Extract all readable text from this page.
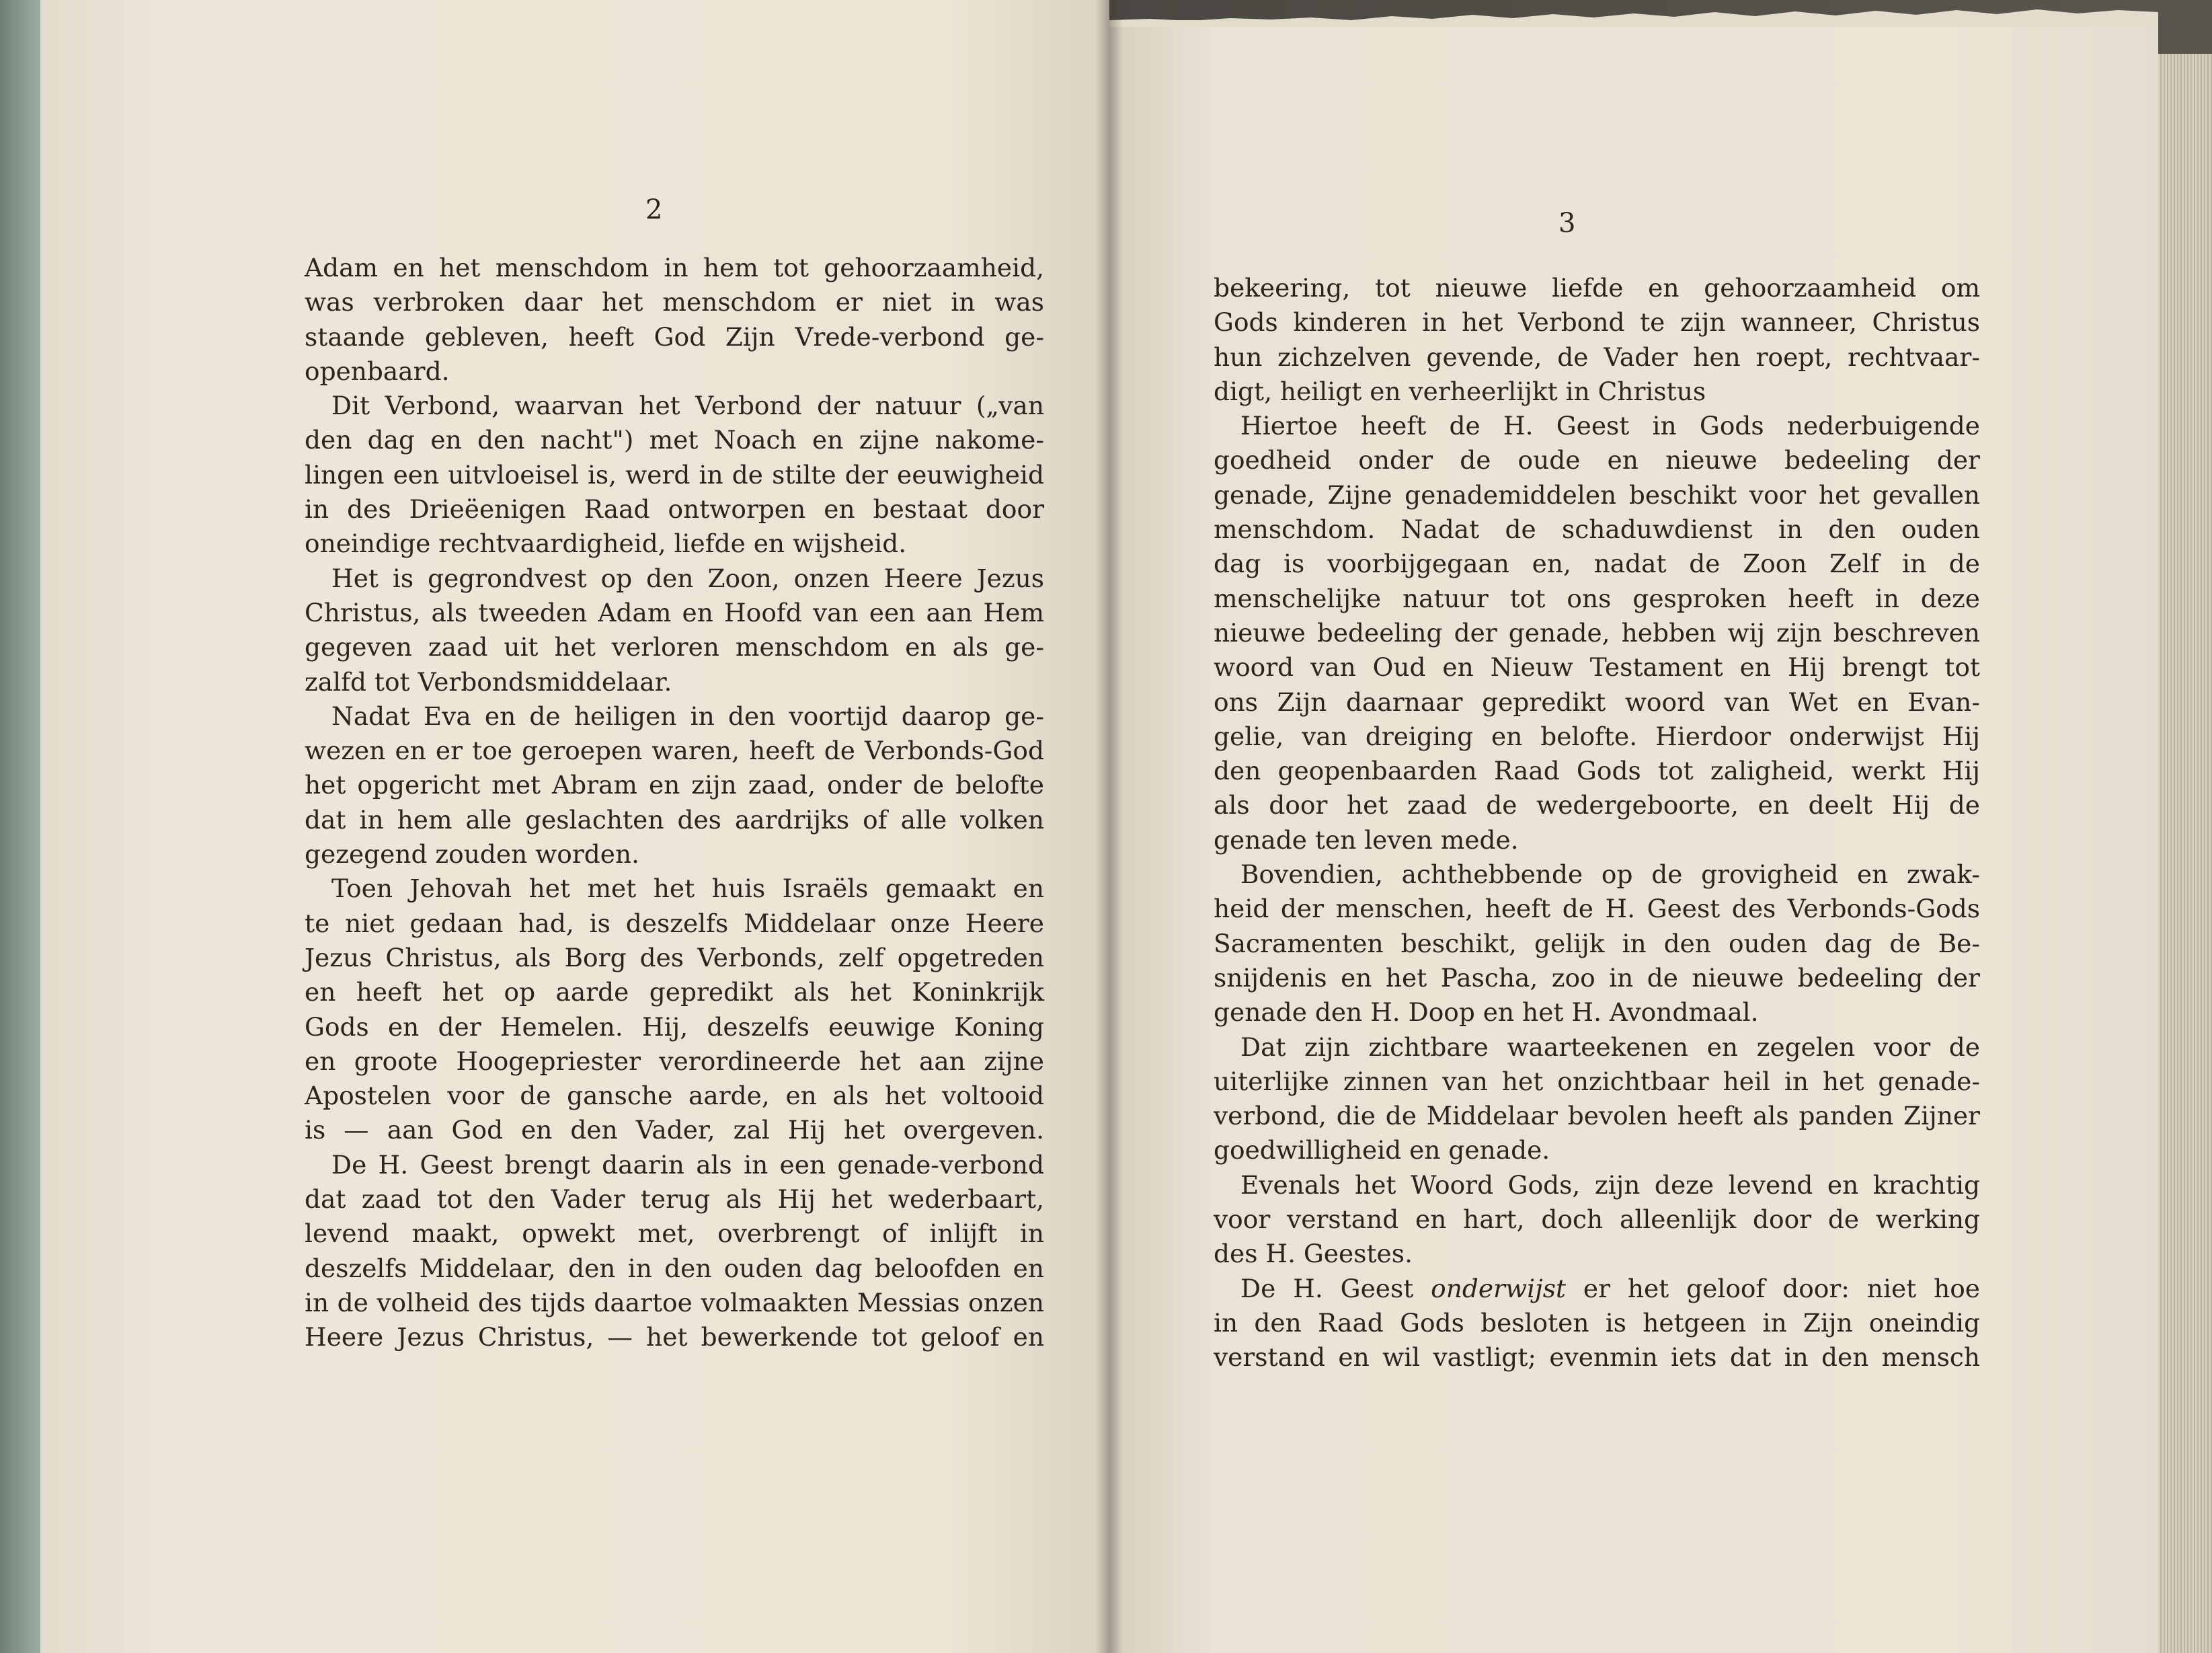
2
Adam en het menschdom in hem tot gehoorzaamheid,
was verbroken daar het menschdom er niet in was
staande gebleven, heeft God Zijn Vrede-verbond ge-
openbaard.
Dit Verbond, waarvan het Verbond der natuur („van
den dag en den nacht") met Noach en zijne nakome-
lingen een uitvloeisel is, werd in de stilte der eeuwigheid
in des Drieëenigen Raad ontworpen en bestaat door
oneindige rechtvaardigheid, liefde en wijsheid.
Het is gegrondvest op den Zoon, onzen Heere Jezus
Christus, als tweeden Adam en Hoofd van een aan Hem
gegeven zaad uit het verloren menschdom en als ge-
zalfd tot Verbondsmiddelaar.
Nadat Eva en de heiligen in den voortijd daarop ge-
wezen en er toe geroepen waren, heeft de Verbonds-God
het opgericht met Abram en zijn zaad, onder de belofte
dat in hem alle geslachten des aardrijks of alle volken
gezegend zouden worden.
Toen Jehovah het met het huis Israëls gemaakt en
te niet gedaan had, is deszelfs Middelaar onze Heere
Jezus Christus, als Borg des Verbonds, zelf opgetreden
en heeft het op aarde gepredikt als het Koninkrijk
Gods en der Hemelen. Hij, deszelfs eeuwige Koning
en groote Hoogepriester verordineerde het aan zijne
Apostelen voor de gansche aarde, en als het voltooid
is — aan God en den Vader, zal Hij het overgeven.
De H. Geest brengt daarin als in een genade-verbond
dat zaad tot den Vader terug als Hij het wederbaart,
levend maakt, opwekt met, overbrengt of inlijft in
deszelfs Middelaar, den in den ouden dag beloofden en
in de volheid des tijds daartoe volmaakten Messias onzen
Heere Jezus Christus, — het bewerkende tot geloof en
3
bekeering, tot nieuwe liefde en gehoorzaamheid om
Gods kinderen in het Verbond te zijn wanneer, Christus
hun zichzelven gevende, de Vader hen roept, rechtvaar-
digt, heiligt en verheerlijkt in Christus
Hiertoe heeft de H. Geest in Gods nederbuigende
goedheid onder de oude en nieuwe bedeeling der
genade, Zijne genademiddelen beschikt voor het gevallen
menschdom. Nadat de schaduwdienst in den ouden
dag is voorbijgegaan en, nadat de Zoon Zelf in de
menschelijke natuur tot ons gesproken heeft in deze
nieuwe bedeeling der genade, hebben wij zijn beschreven
woord van Oud en Nieuw Testament en Hij brengt tot
ons Zijn daarnaar gepredikt woord van Wet en Evan-
gelie, van dreiging en belofte. Hierdoor onderwijst Hij
den geopenbaarden Raad Gods tot zaligheid, werkt Hij
als door het zaad de wedergeboorte, en deelt Hij de
genade ten leven mede.
Bovendien, achthebbende op de grovigheid en zwak-
heid der menschen, heeft de H. Geest des Verbonds-Gods
Sacramenten beschikt, gelijk in den ouden dag de Be-
snijdenis en het Pascha, zoo in de nieuwe bedeeling der
genade den H. Doop en het H. Avondmaal.
Dat zijn zichtbare waarteekenen en zegelen voor de
uiterlijke zinnen van het onzichtbaar heil in het genade-
verbond, die de Middelaar bevolen heeft als panden Zijner
goedwilligheid en genade.
Evenals het Woord Gods, zijn deze levend en krachtig
voor verstand en hart, doch alleenlijk door de werking
des H. Geestes.
De H. Geest onderwijst er het geloof door: niet hoe
in den Raad Gods besloten is hetgeen in Zijn oneindig
verstand en wil vastligt; evenmin iets dat in den mensch
